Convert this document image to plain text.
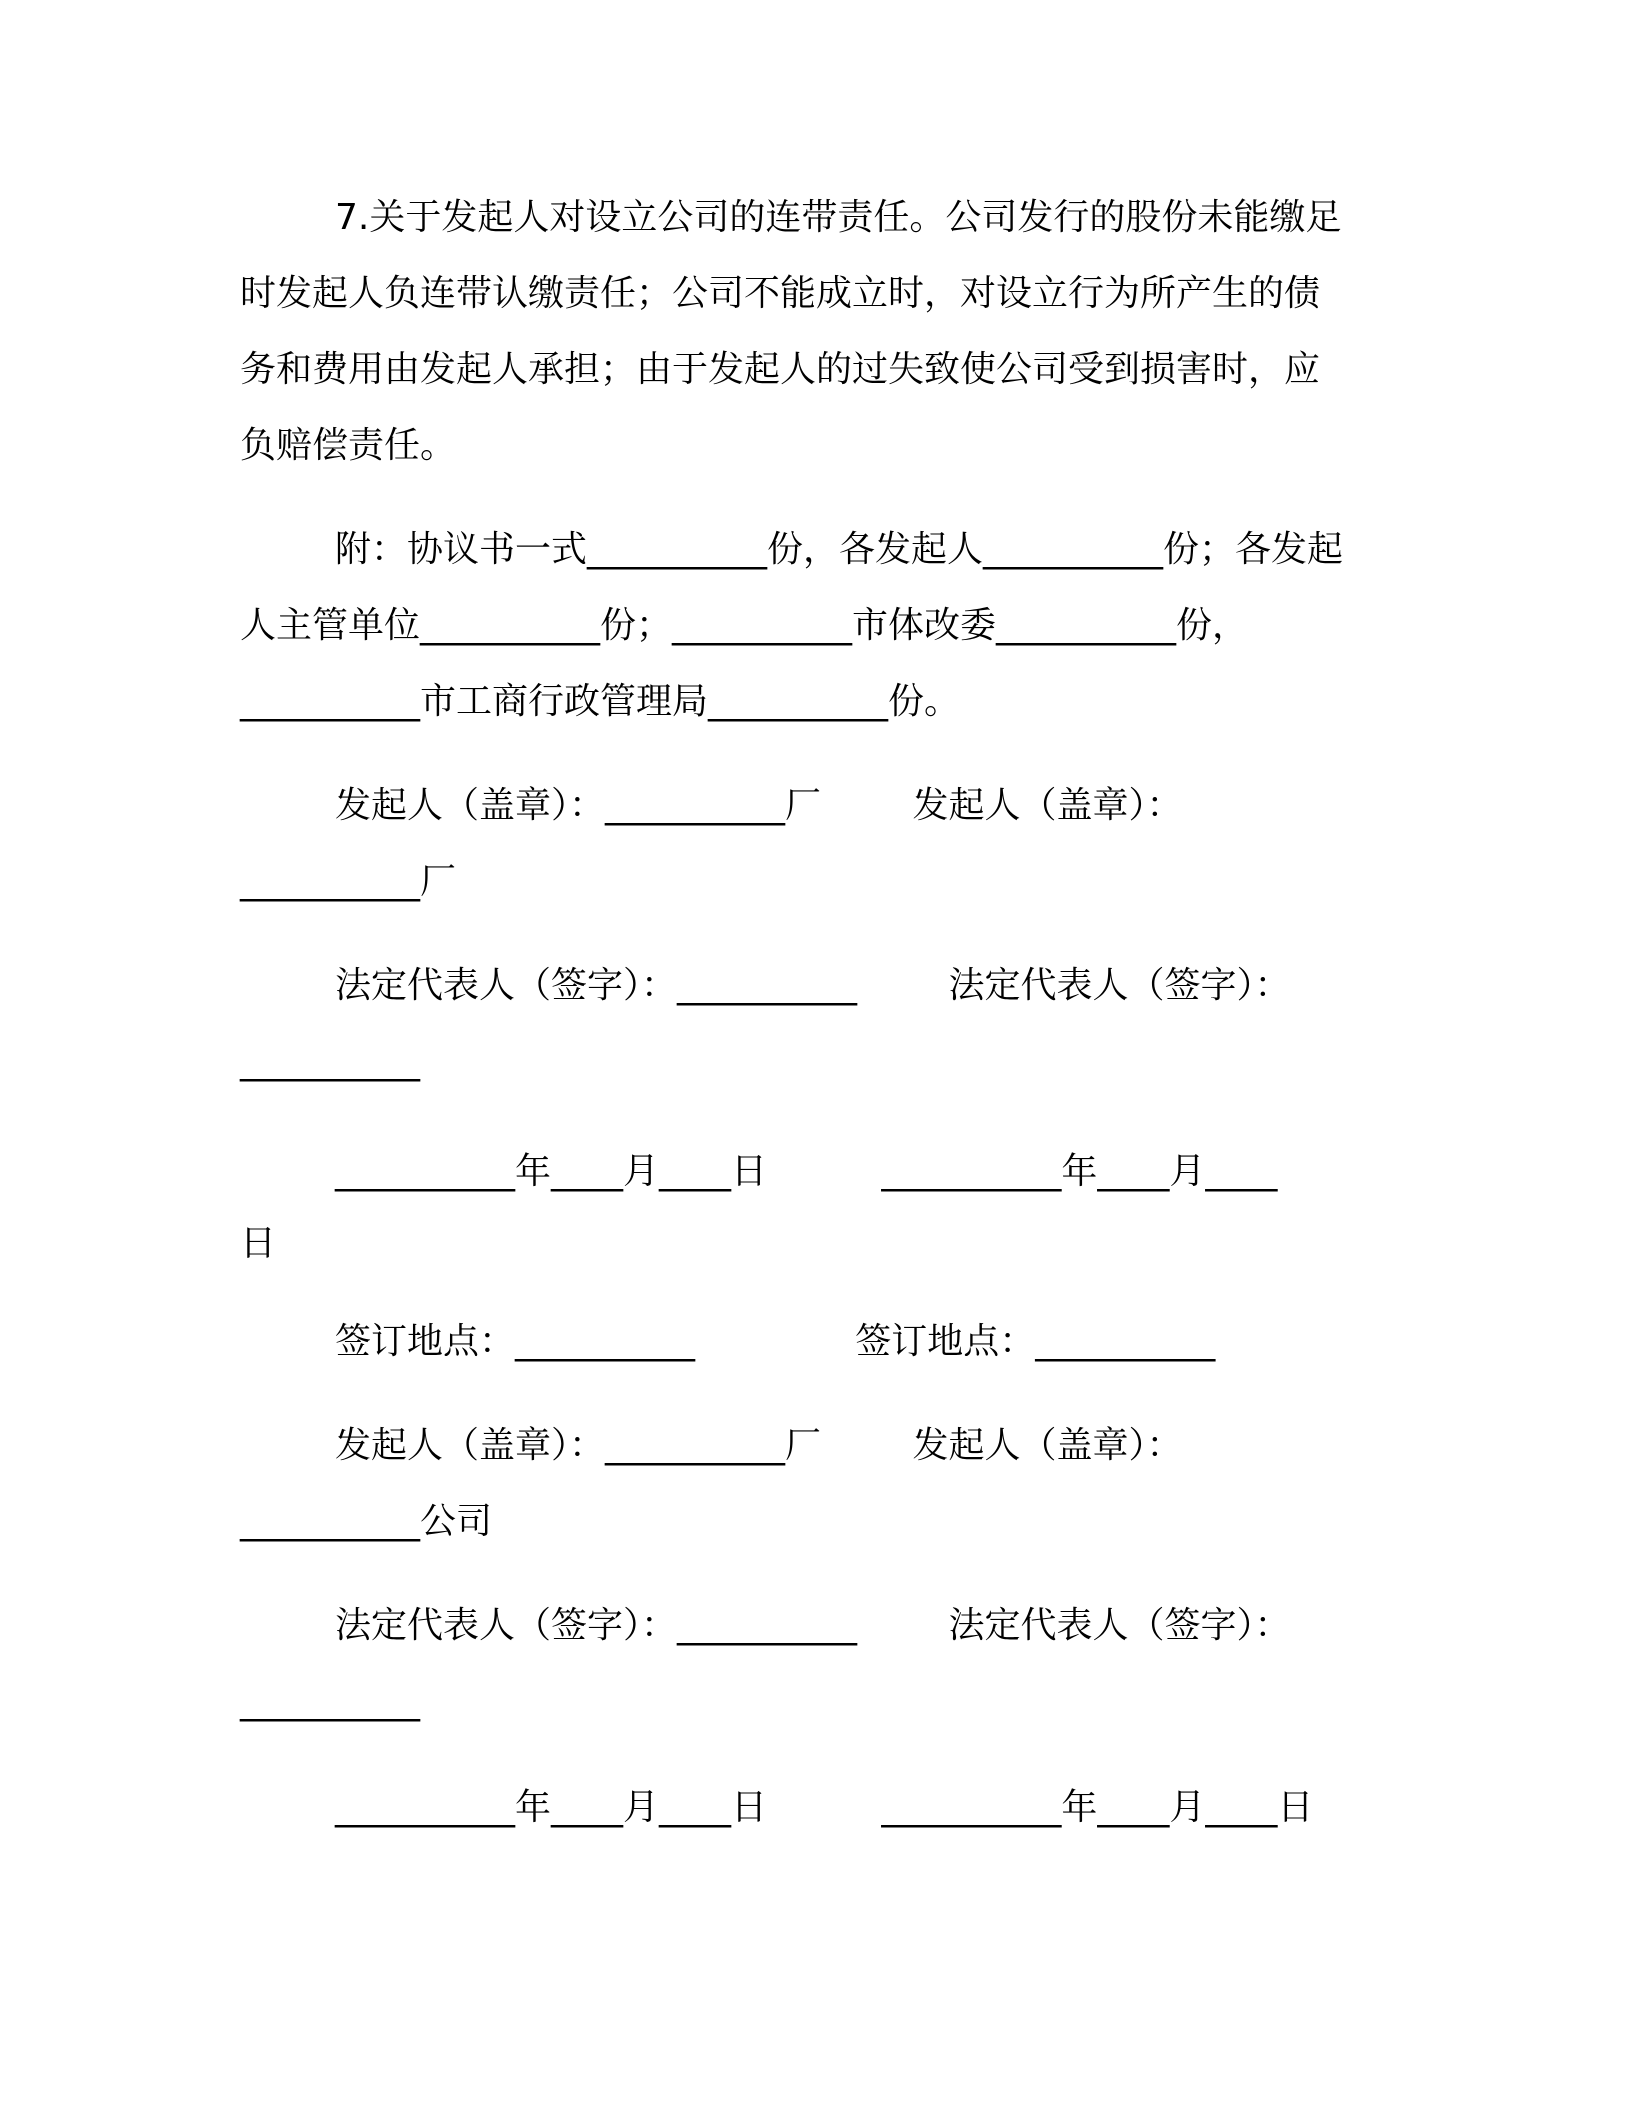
7.关于发起人对设立公司的连带责任。公司发行的股份未能缴足
时发起人负连带认缴责任；公司不能成立时，对设立行为所产生的债
务和费用由发起人承担；由于发起人的过失致使公司受到损害时，应
负赔偿责任。
附：协议书一式__________份，各发起人__________份；各发起
人主管单位__________份；__________市体改委__________份，
__________市工商行政管理局__________份。
发起人（盖章）：__________厂        发起人（盖章）：
__________厂
法定代表人（签字）：__________        法定代表人（签字）：
__________
__________年____月____日          __________年____月____
日
签订地点：__________              签订地点：__________
发起人（盖章）：__________厂        发起人（盖章）：
__________公司
法定代表人（签字）：__________        法定代表人（签字）：
__________
__________年____月____日          __________年____月____日
